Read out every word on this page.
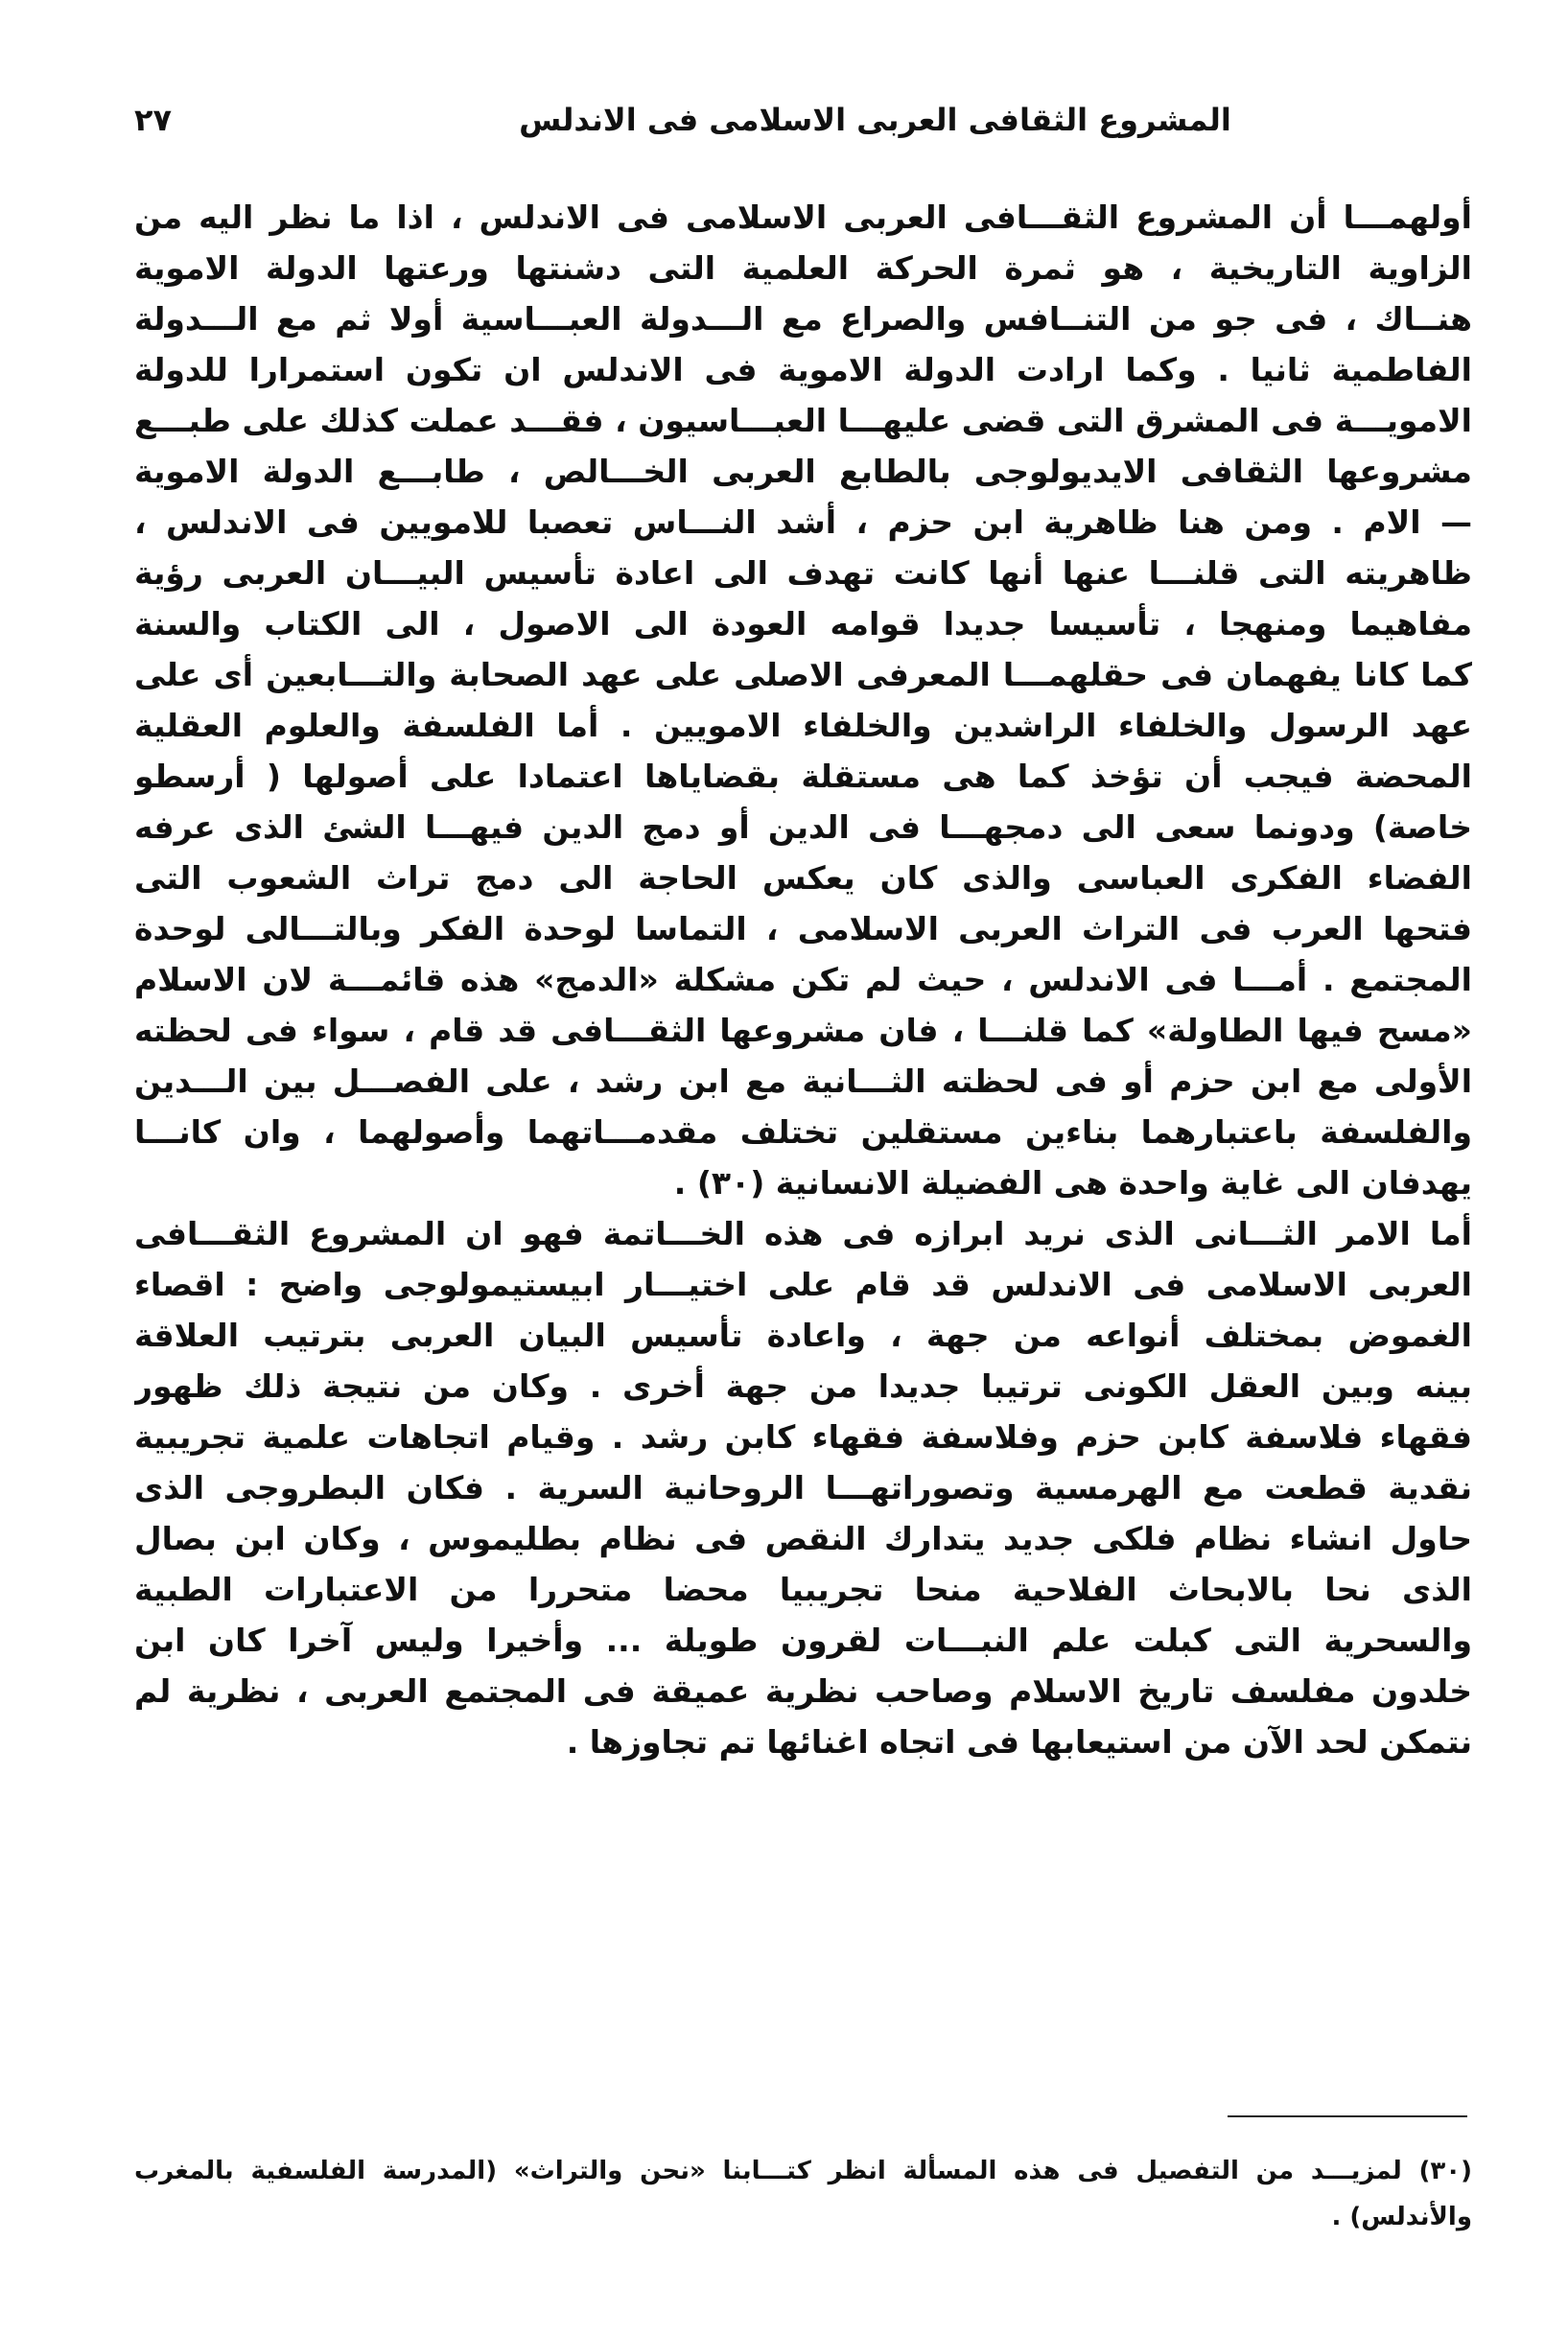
المشروع الثقافى العربى الاسلامى فى الاندلس
٢٧
أولهمـــا أن المشروع الثقـــافى العربى الاسلامى فى الاندلس ، اذا ما نظر اليه من
الزاوية التاريخية ، هو ثمرة الحركة العلمية التى دشنتها ورعتها الدولة الاموية
هنــاك ، فى جو من التنــافس والصراع مع الـــدولة العبـــاسية أولا ثم مع الـــدولة
الفاطمية ثانيا . وكما ارادت الدولة الاموية فى الاندلس ان تكون استمرارا للدولة
الامويـــة فى المشرق التى قضى عليهـــا العبـــاسيون ، فقـــد عملت كذلك على طبـــع
مشروعها الثقافى الايديولوجى بالطابع العربى الخـــالص ، طابـــع الدولة الاموية
— الام . ومن هنا ظاهرية ابن حزم ، أشد النـــاس تعصبا للامويين فى الاندلس ،
ظاهريته التى قلنـــا عنها أنها كانت تهدف الى اعادة تأسيس البيـــان العربى رؤية
مفاهيما ومنهجا ، تأسيسا جديدا قوامه العودة الى الاصول ، الى الكتاب والسنة
كما كانا يفهمان فى حقلهمـــا المعرفى الاصلى على عهد الصحابة والتـــابعين أى على
عهد الرسول والخلفاء الراشدين والخلفاء الامويين . أما الفلسفة والعلوم العقلية
المحضة فيجب أن تؤخذ كما هى مستقلة بقضاياها اعتمادا على أصولها ( أرسطو
خاصة) ودونما سعى الى دمجهـــا فى الدين أو دمج الدين فيهـــا الشئ الذى عرفه
الفضاء الفكرى العباسى والذى كان يعكس الحاجة الى دمج تراث الشعوب التى
فتحها العرب فى التراث العربى الاسلامى ، التماسا لوحدة الفكر وبالتـــالى لوحدة
المجتمع . أمـــا فى الاندلس ، حيث لم تكن مشكلة «الدمج» هذه قائمـــة لان الاسلام
«مسح فيها الطاولة» كما قلنـــا ، فان مشروعها الثقـــافى قد قام ، سواء فى لحظته
الأولى مع ابن حزم أو فى لحظته الثـــانية مع ابن رشد ، على الفصـــل بين الـــدين
والفلسفة باعتبارهما بناءين مستقلين تختلف مقدمـــاتهما وأصولهما ، وان كانـــا
يهدفان الى غاية واحدة هى الفضيلة الانسانية (٣٠) .
أما الامر الثـــانى الذى نريد ابرازه فى هذه الخـــاتمة فهو ان المشروع الثقـــافى
العربى الاسلامى فى الاندلس قد قام على اختيـــار ابيستيمولوجى واضح : اقصاء
الغموض بمختلف أنواعه من جهة ، واعادة تأسيس البيان العربى بترتيب العلاقة
بينه وبين العقل الكونى ترتيبا جديدا من جهة أخرى . وكان من نتيجة ذلك ظهور
فقهاء فلاسفة كابن حزم وفلاسفة فقهاء كابن رشد . وقيام اتجاهات علمية تجريبية
نقدية قطعت مع الهرمسية وتصوراتهـــا الروحانية السرية . فكان البطروجى الذى
حاول انشاء نظام فلكى جديد يتدارك النقص فى نظام بطليموس ، وكان ابن بصال
الذى نحا بالابحاث الفلاحية منحا تجريبيا محضا متحررا من الاعتبارات الطبية
والسحرية التى كبلت علم النبـــات لقرون طويلة ... وأخيرا وليس آخرا كان ابن
خلدون مفلسف تاريخ الاسلام وصاحب نظرية عميقة فى المجتمع العربى ، نظرية لم
نتمكن لحد الآن من استيعابها فى اتجاه اغنائها تم تجاوزها .
(٣٠) لمزيـــد من التفصيل فى هذه المسألة انظر كتـــابنا «نحن والتراث» (المدرسة الفلسفية بالمغرب
والأندلس) .
